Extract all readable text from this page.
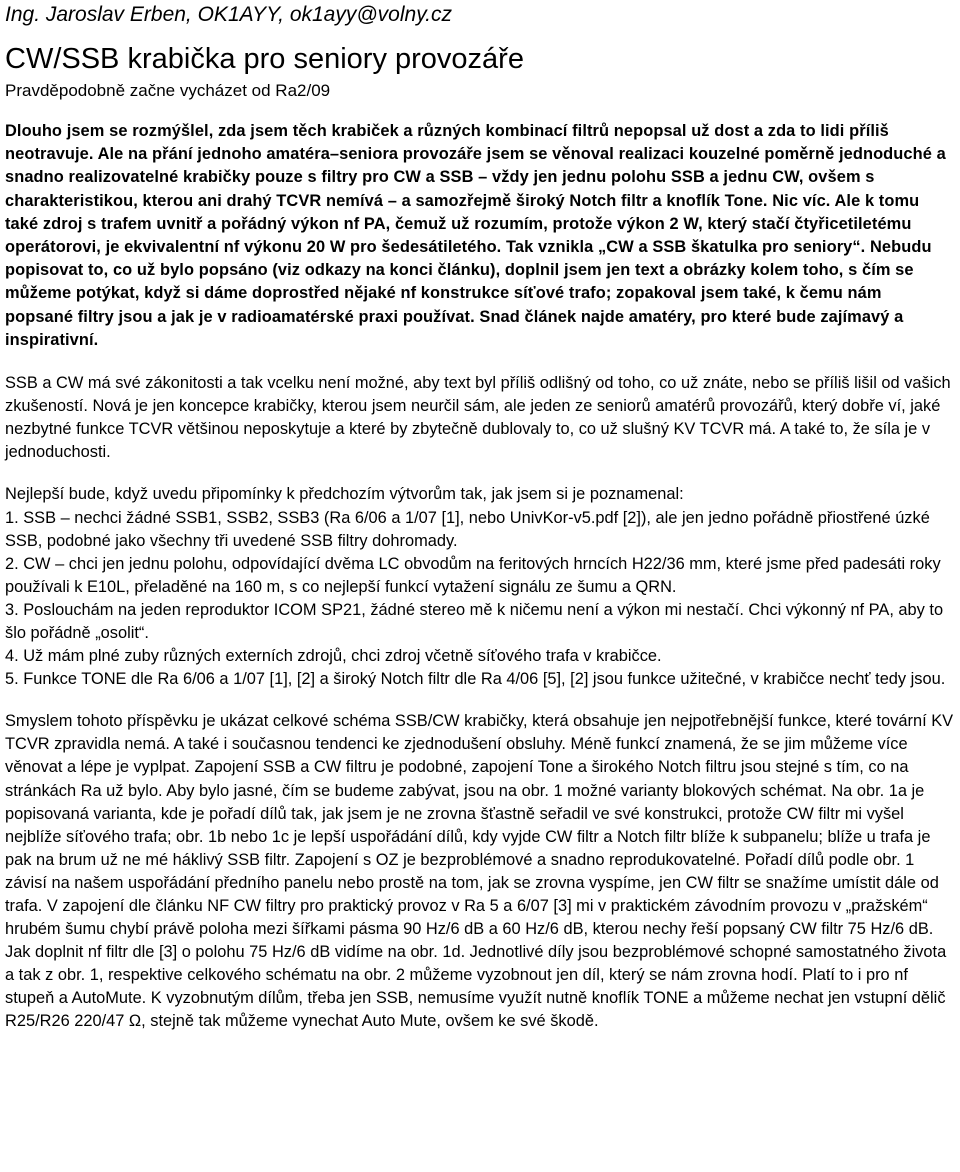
Ing. Jaroslav Erben, OK1AYY, ok1ayy@volny.cz
CW/SSB krabička pro seniory provozáře
Pravděpodobně začne vycházet od Ra2/09

Dlouho jsem se rozmýšlel, zda jsem těch krabiček a různých kombinací filtrů nepopsal už dost a zda to lidi příliš neotravuje. Ale na přání jednoho amatéra–seniora provozáře jsem se věnoval realizaci kouzelné poměrně jednoduché a snadno realizovatelné krabičky pouze s filtry pro CW a SSB – vždy jen jednu polohu SSB a jednu CW, ovšem s charakteristikou, kterou ani drahý TCVR nemívá – a samozřejmě široký Notch filtr a knoflík Tone. Nic víc. Ale k tomu také zdroj s trafem uvnitř a pořádný výkon nf PA, čemuž už rozumím, protože výkon 2 W, který stačí čtyřicetiletému operátorovi, je ekvivalentní nf výkonu 20 W pro šedesátiletého. Tak vznikla „CW a SSB škatulka pro seniory“. Nebudu popisovat to, co už bylo popsáno (viz odkazy na konci článku), doplnil jsem jen text a obrázky kolem toho, s čím se můžeme potýkat, když si dáme doprostřed nějaké nf konstrukce síťové trafo; zopakoval jsem také, k čemu nám popsané filtry jsou a jak je v radioamatérské praxi používat. Snad článek najde amatéry, pro které bude zajímavý a inspirativní.

SSB a CW má své zákonitosti a tak vcelku není možné, aby text byl příliš odlišný od toho, co už znáte, nebo se příliš lišil od vašich zkušeností. Nová je jen koncepce krabičky, kterou jsem neurčil sám, ale jeden ze seniorů amatérů provozářů, který dobře ví, jaké nezbytné funkce TCVR většinou neposkytuje a které by zbytečně dublovaly to, co už slušný KV TCVR má. A také to, že síla je v jednoduchosti.

Nejlepší bude, když uvedu připomínky k předchozím výtvorům tak, jak jsem si je poznamenal:
1. SSB – nechci žádné SSB1, SSB2, SSB3 (Ra 6/06 a 1/07 [1], nebo UnivKor-v5.pdf [2]), ale jen jedno pořádně přiostřené úzké SSB, podobné jako všechny tři uvedené SSB filtry dohromady.
2. CW – chci jen jednu polohu, odpovídající dvěma LC obvodům na feritových hrncích H22/36 mm, které jsme před padesáti roky používali k E10L, přeladěné na 160 m, s co nejlepší funkcí vytažení signálu ze šumu a QRN.
3. Poslouchám na jeden reproduktor ICOM SP21, žádné stereo mě k ničemu není a výkon mi nestačí. Chci výkonný nf PA, aby to šlo pořádně „osolit“.
4. Už mám plné zuby různých externích zdrojů, chci zdroj včetně síťového trafa v krabičce.
5. Funkce TONE dle Ra 6/06 a 1/07 [1], [2] a široký Notch filtr dle Ra 4/06 [5], [2] jsou funkce užitečné, v krabičce nechť tedy jsou.

Smyslem tohoto příspěvku je ukázat celkové schéma SSB/CW krabičky, která obsahuje jen nejpotřebnější funkce, které tovární KV TCVR zpravidla nemá. A také i současnou tendenci ke zjednodušení obsluhy. Méně funkcí znamená, že se jim můžeme více věnovat a lépe je vyplpat. Zapojení SSB a CW filtru je podobné, zapojení Tone a širokého Notch filtru jsou stejné s tím, co na stránkách Ra už bylo. Aby bylo jasné, čím se budeme zabývat, jsou na obr. 1 možné varianty blokových schémat. Na obr. 1a je popisovaná varianta, kde je pořadí dílů tak, jak jsem je ne zrovna šťastně seřadil ve své konstrukci, protože CW filtr mi vyšel nejblíže síťového trafa; obr. 1b nebo 1c je lepší uspořádání dílů, kdy vyjde CW filtr a Notch filtr blíže k subpanelu; blíže u trafa je pak na brum už ne mé háklivý SSB filtr. Zapojení s OZ je bezproblémové a snadno reprodukovatelné. Pořadí dílů podle obr. 1 závisí na našem uspořádání předního panelu nebo prostě na tom, jak se zrovna vyspíme, jen CW filtr se snažíme umístit dále od trafa. V zapojení dle článku NF CW filtry pro praktický provoz v Ra 5 a 6/07 [3] mi v praktickém závodním provozu v „pražském“ hrubém šumu chybí právě poloha mezi šířkami pásma 90 Hz/6 dB a 60 Hz/6 dB, kterou nechy řeší popsaný CW filtr 75 Hz/6 dB. Jak doplnit nf filtr dle [3] o polohu 75 Hz/6 dB vidíme na obr. 1d. Jednotlivé díly jsou bezproblémové schopné samostatného života a tak z obr. 1, respektive celkového schématu na obr. 2 můžeme vyzobnout jen díl, který se nám zrovna hodí. Platí to i pro nf stupeň a AutoMute. K vyzobnutým dílům, třeba jen SSB, nemusíme využít nutně knoflík TONE a můžeme nechat jen vstupní dělič R25/R26 220/47 Ω, stejně tak můžeme vynechat Auto Mute, ovšem ke své škodě.
